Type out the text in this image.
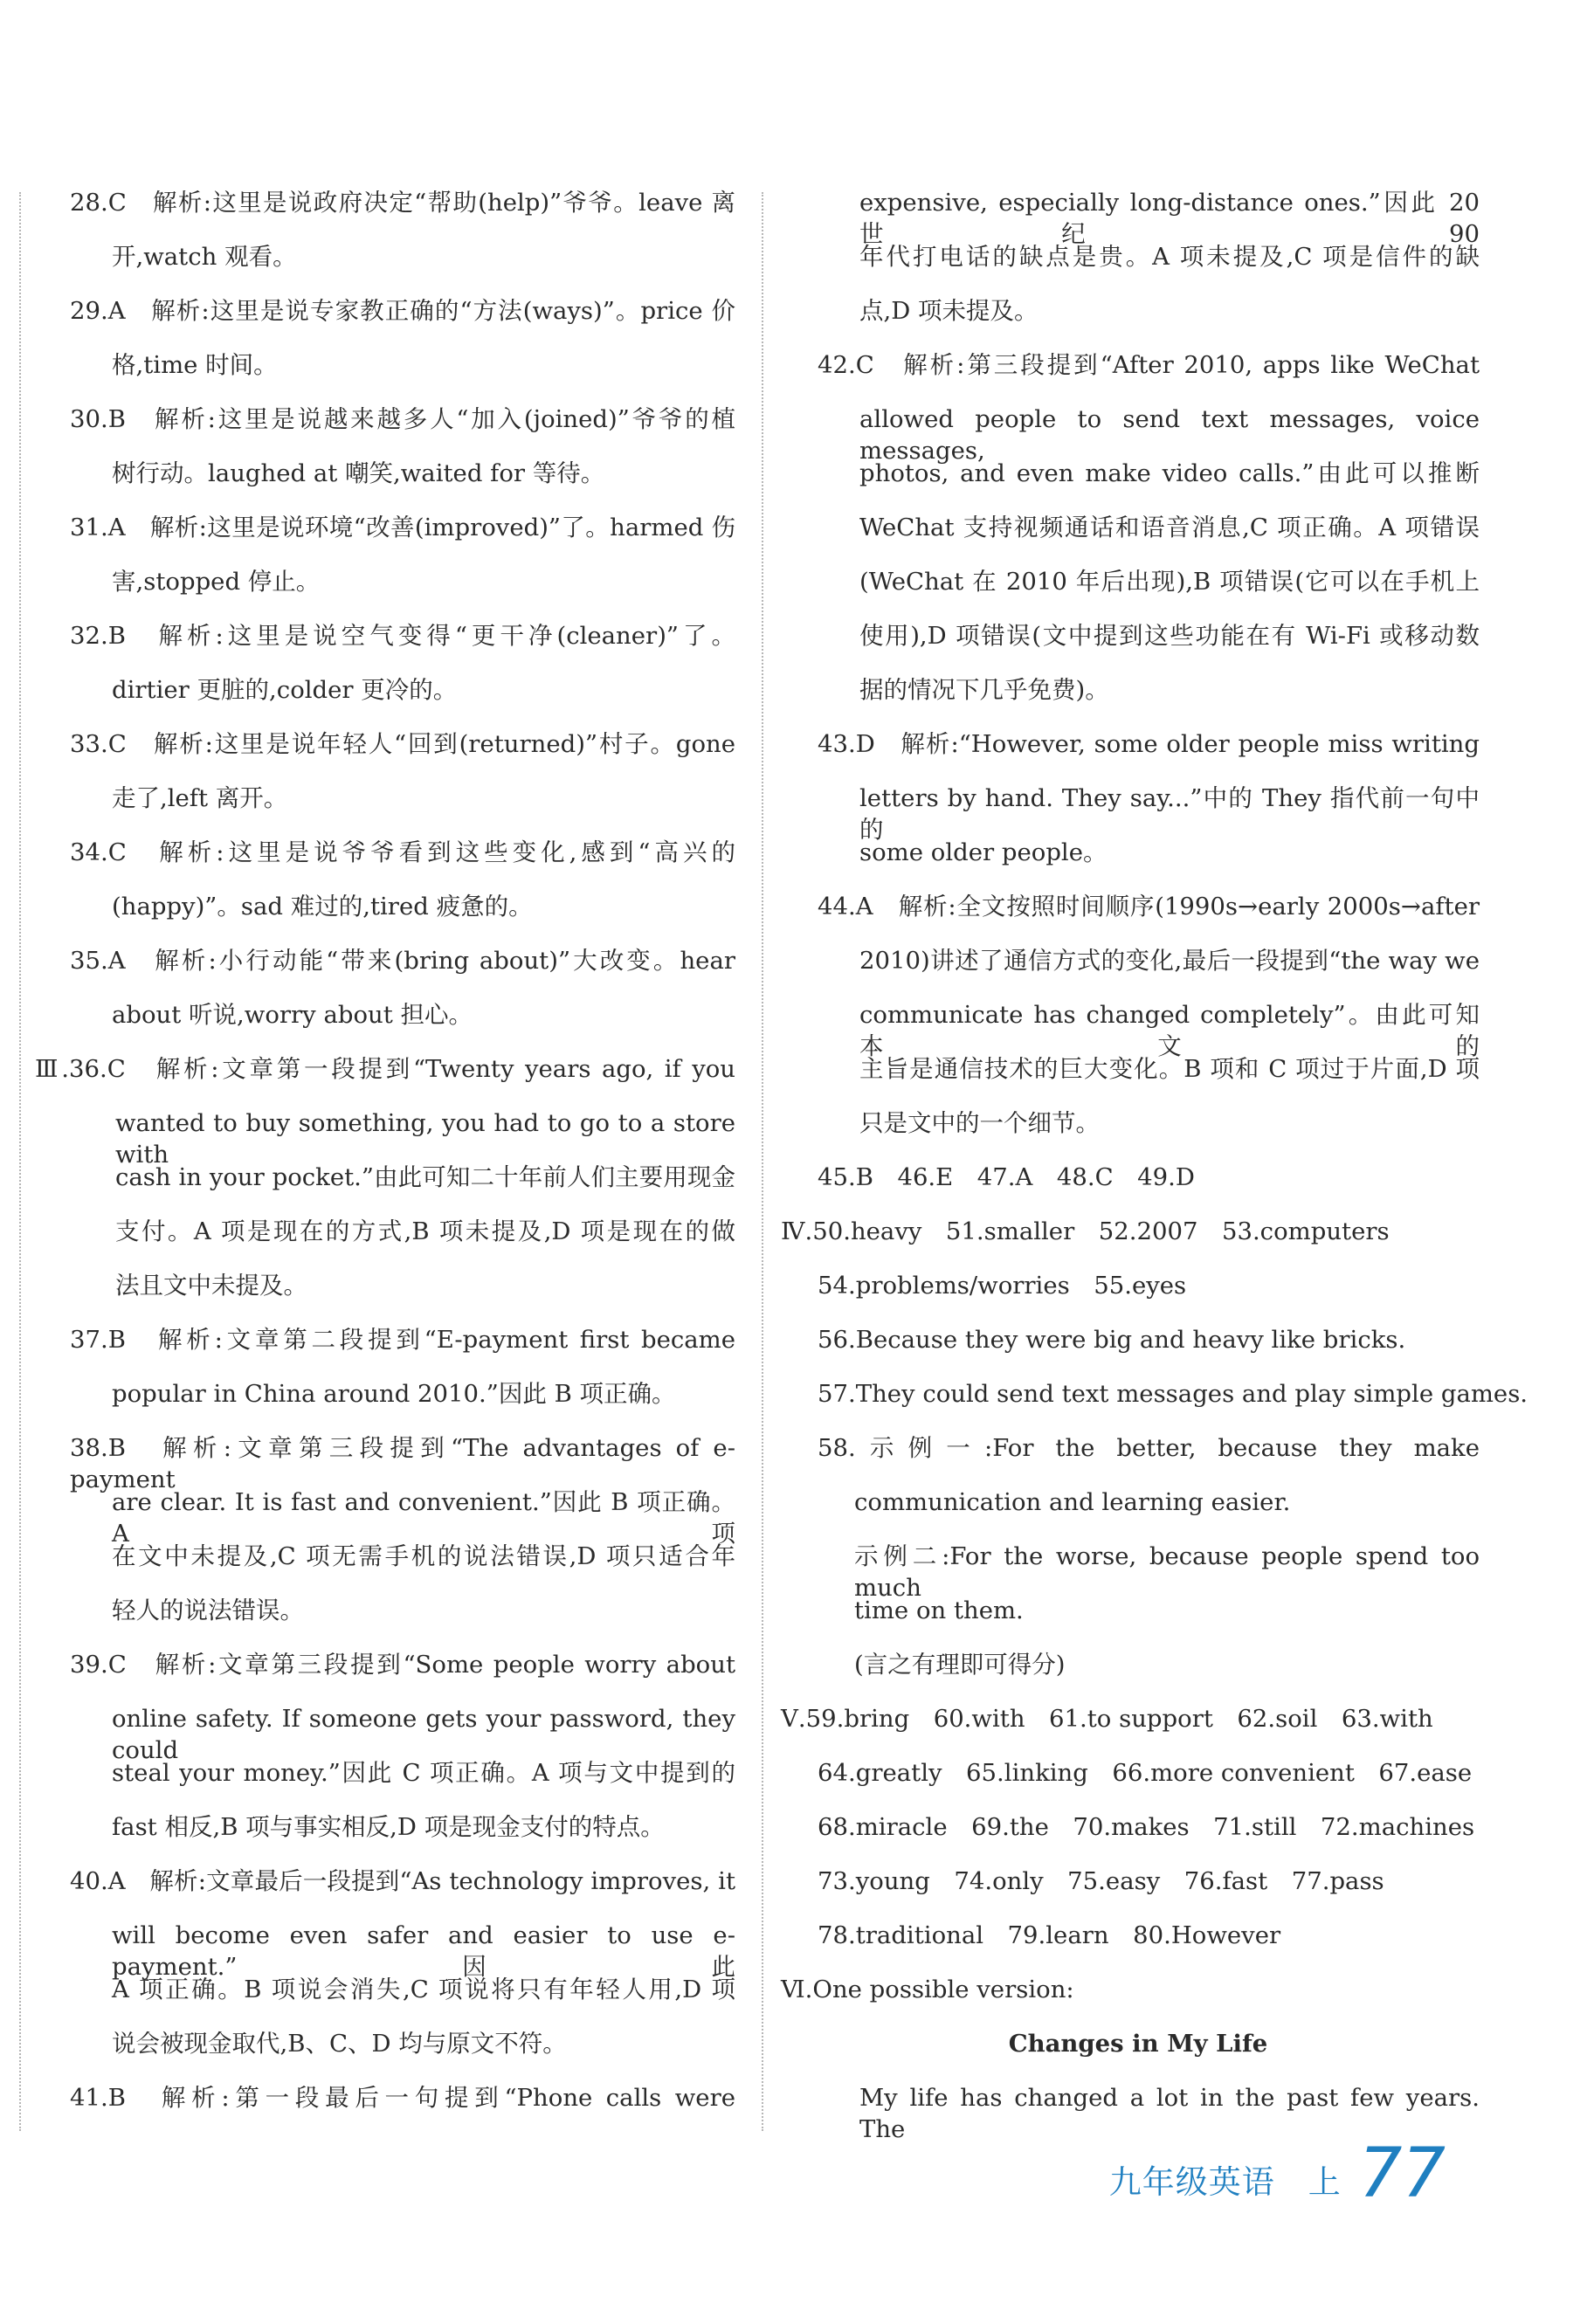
28.C　解析:这里是说政府决定“帮助(help)”爷爷。leave 离
开,watch 观看。
29.A　解析:这里是说专家教正确的“方法(ways)”。price 价
格,time 时间。
30.B　解析:这里是说越来越多人“加入(joined)”爷爷的植
树行动。laughed at 嘲笑,waited for 等待。
31.A　解析:这里是说环境“改善(improved)”了。harmed 伤
害,stopped 停止。
32.B　解析:这里是说空气变得“更干净(cleaner)”了。
dirtier 更脏的,colder 更冷的。
33.C　解析:这里是说年轻人“回到(returned)”村子。gone
走了,left 离开。
34.C　解析:这里是说爷爷看到这些变化,感到“高兴的
(happy)”。sad 难过的,tired 疲惫的。
35.A　解析:小行动能“带来(bring about)”大改变。hear
about 听说,worry about 担心。
Ⅲ.36.C　解析:文章第一段提到“Twenty years ago, if you
wanted to buy something, you had to go to a store with
cash in your pocket.”由此可知二十年前人们主要用现金
支付。A 项是现在的方式,B 项未提及,D 项是现在的做
法且文中未提及。
37.B　解析:文章第二段提到“E-payment first became
popular in China around 2010.”因此 B 项正确。
38.B　解析:文章第三段提到“The advantages of e-payment
are clear. It is fast and convenient.”因此 B 项正确。A 项
在文中未提及,C 项无需手机的说法错误,D 项只适合年
轻人的说法错误。
39.C　解析:文章第三段提到“Some people worry about
online safety. If someone gets your password, they could
steal your money.”因此 C 项正确。A 项与文中提到的
fast 相反,B 项与事实相反,D 项是现金支付的特点。
40.A　解析:文章最后一段提到“As technology improves, it
will become even safer and easier to use e-payment.”因此
A 项正确。B 项说会消失,C 项说将只有年轻人用,D 项
说会被现金取代,B、C、D 均与原文不符。
41.B　解析:第一段最后一句提到“Phone calls were
expensive, especially long-distance ones.”因此 20 世纪 90
年代打电话的缺点是贵。A 项未提及,C 项是信件的缺
点,D 项未提及。
42.C　解析:第三段提到“After 2010, apps like WeChat
allowed people to send text messages, voice messages,
photos, and even make video calls.”由此可以推断
WeChat 支持视频通话和语音消息,C 项正确。A 项错误
(WeChat 在 2010 年后出现),B 项错误(它可以在手机上
使用),D 项错误(文中提到这些功能在有 Wi-Fi 或移动数
据的情况下几乎免费)。
43.D　解析:“However, some older people miss writing
letters by hand. They say...”中的 They 指代前一句中的
some older people。
44.A　解析:全文按照时间顺序(1990s→early 2000s→after
2010)讲述了通信方式的变化,最后一段提到“the way we
communicate has changed completely”。由此可知本文的
主旨是通信技术的巨大变化。B 项和 C 项过于片面,D 项
只是文中的一个细节。
45.B　46.E　47.A　48.C　49.D
Ⅳ.50.heavy　51.smaller　52.2007　53.computers
54.problems/worries　55.eyes
56.Because they were big and heavy like bricks.
57.They could send text messages and play simple games.
58.示例一:For the better, because they make
communication and learning easier.
示例二:For the worse, because people spend too much
time on them.
(言之有理即可得分)
Ⅴ.59.bring　60.with　61.to support　62.soil　63.with
64.greatly　65.linking　66.more convenient　67.ease
68.miracle　69.the　70.makes　71.still　72.machines
73.young　74.only　75.easy　76.fast　77.pass
78.traditional　79.learn　80.However
Ⅵ.One possible version:
Changes in My Life
My life has changed a lot in the past few years. The
九年级英语　上 77
